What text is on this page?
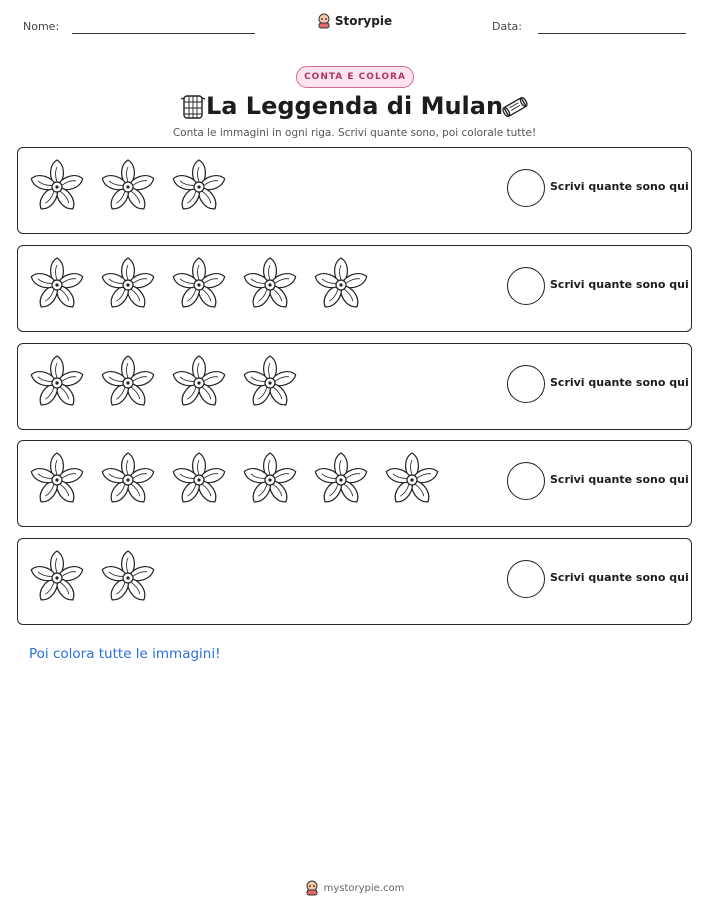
Nome:	Storypie	Data:
CONTA E COLORA
La Leggenda di Mulan
Conta le immagini in ogni riga. Scrivi quante sono, poi colorale tutte!
Scrivi quante sono qui
Scrivi quante sono qui
Scrivi quante sono qui
Scrivi quante sono qui
Scrivi quante sono qui
Poi colora tutte le immagini!
mystorypie.com
